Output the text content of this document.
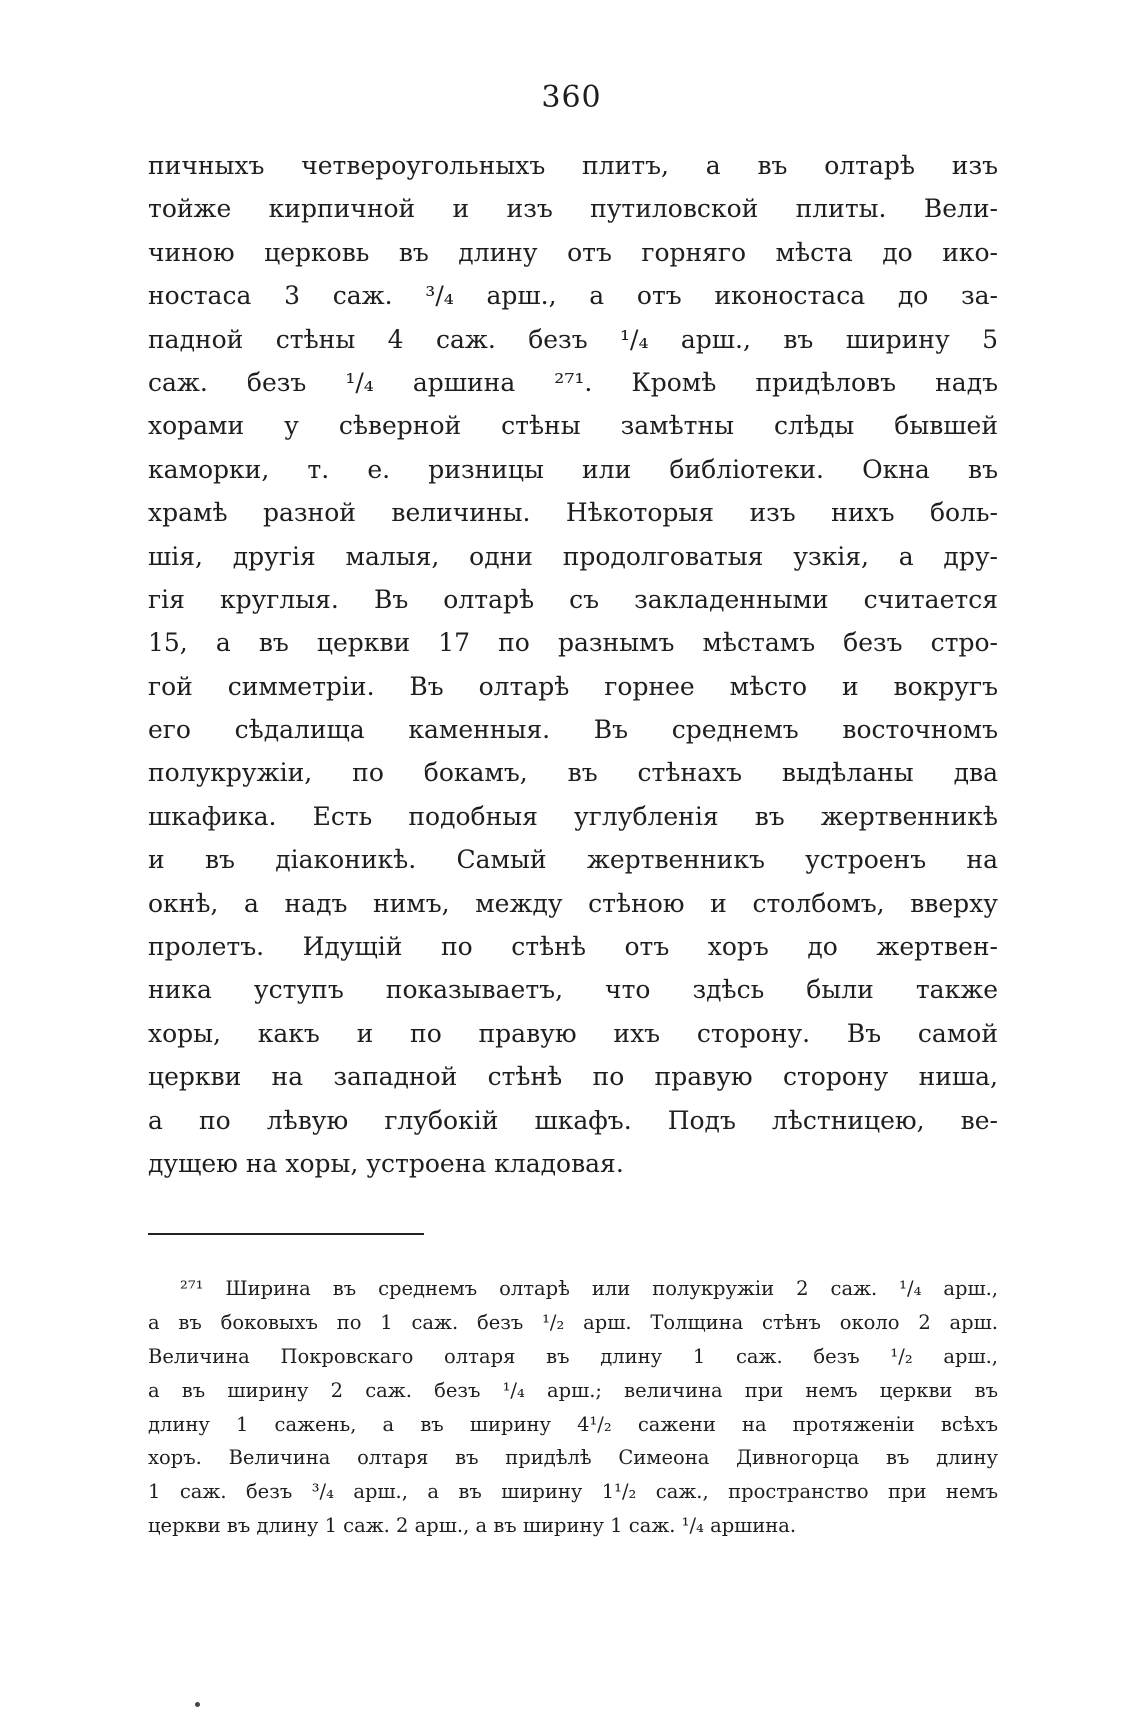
360
пичныхъ четвероугольныхъ плитъ, а въ олтарѣ изъ
тойже кирпичной и изъ путиловской плиты. Вели-
чиною церковь въ длину отъ горняго мѣста до ико-
ностаса 3 саж. ³/₄ арш., а отъ иконостаса до за-
падной стѣны 4 саж. безъ ¹/₄ арш., въ ширину 5
саж. безъ ¹/₄ аршина ²⁷¹. Кромѣ придѣловъ надъ
хорами у сѣверной стѣны замѣтны слѣды бывшей
каморки, т. е. ризницы или библіотеки. Окна въ
храмѣ разной величины. Нѣкоторыя изъ нихъ боль-
шія, другія малыя, одни продолговатыя узкія, а дру-
гія круглыя. Въ олтарѣ съ закладенными считается
15, а въ церкви 17 по разнымъ мѣстамъ безъ стро-
гой симметріи. Въ олтарѣ горнее мѣсто и вокругъ
его сѣдалища каменныя. Въ среднемъ восточномъ
полукружіи, по бокамъ, въ стѣнахъ выдѣланы два
шкафика. Есть подобныя углубленія въ жертвенникѣ
и въ діаконикѣ. Самый жертвенникъ устроенъ на
окнѣ, а надъ нимъ, между стѣною и столбомъ, вверху
пролетъ. Идущій по стѣнѣ отъ хоръ до жертвен-
ника уступъ показываетъ, что здѣсь были также
хоры, какъ и по правую ихъ сторону. Въ самой
церкви на западной стѣнѣ по правую сторону ниша,
а по лѣвую глубокій шкафъ. Подъ лѣстницею, ве-
дущею на хоры, устроена кладовая.
²⁷¹ Ширина въ среднемъ олтарѣ или полукружіи 2 саж. ¹/₄ арш.,
а въ боковыхъ по 1 саж. безъ ¹/₂ арш. Толщина стѣнъ около 2 арш.
Величина Покровскаго олтаря въ длину 1 саж. безъ ¹/₂ арш.,
а въ ширину 2 саж. безъ ¹/₄ арш.; величина при немъ церкви въ
длину 1 сажень, а въ ширину 4¹/₂ сажени на протяженіи всѣхъ
хоръ. Величина олтаря въ придѣлѣ Симеона Дивногорца въ длину
1 саж. безъ ³/₄ арш., а въ ширину 1¹/₂ саж., пространство при немъ
церкви въ длину 1 саж. 2 арш., а въ ширину 1 саж. ¹/₄ аршина.
